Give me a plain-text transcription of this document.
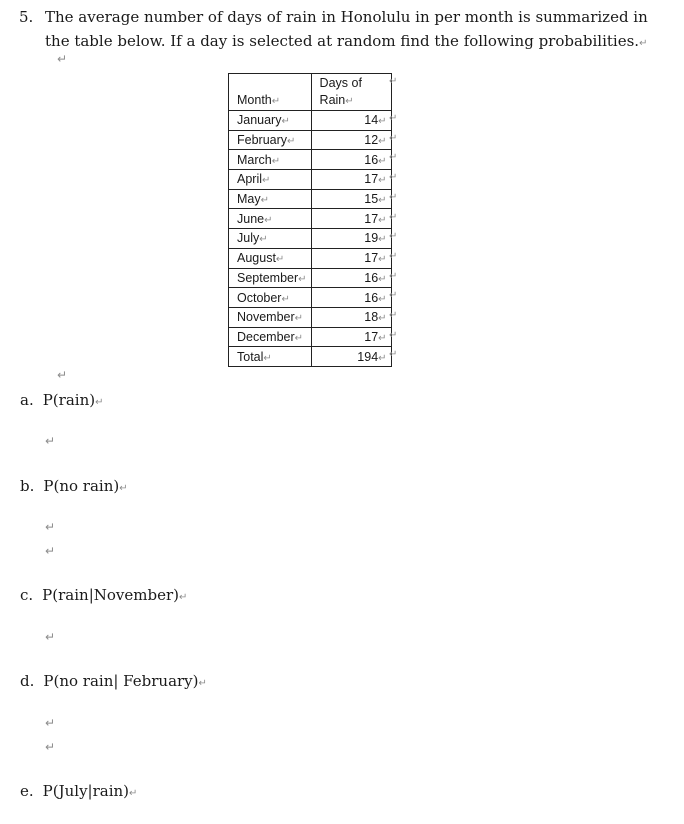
5. The average number of days of rain in Honolulu in per month is summarized in
the table below. If a day is selected at random find the following probabilities.↵
↵
Month↵	Days of Rain↵
January↵	14↵
February↵	12↵
March↵	16↵
April↵	17↵
May↵	15↵
June↵	17↵
July↵	19↵
August↵	17↵
September↵	16↵
October↵	16↵
November↵	18↵
December↵	17↵
Total↵	194↵
↵
↵
a. P(rain)↵
↵
b. P(no rain)↵
↵
↵
c. P(rain|November)↵
↵
d. P(no rain| February)↵
↵
↵
e. P(July|rain)↵
↵
↵
↵
↵
↵
↵
↵
↵
↵
↵
↵
↵
↵
